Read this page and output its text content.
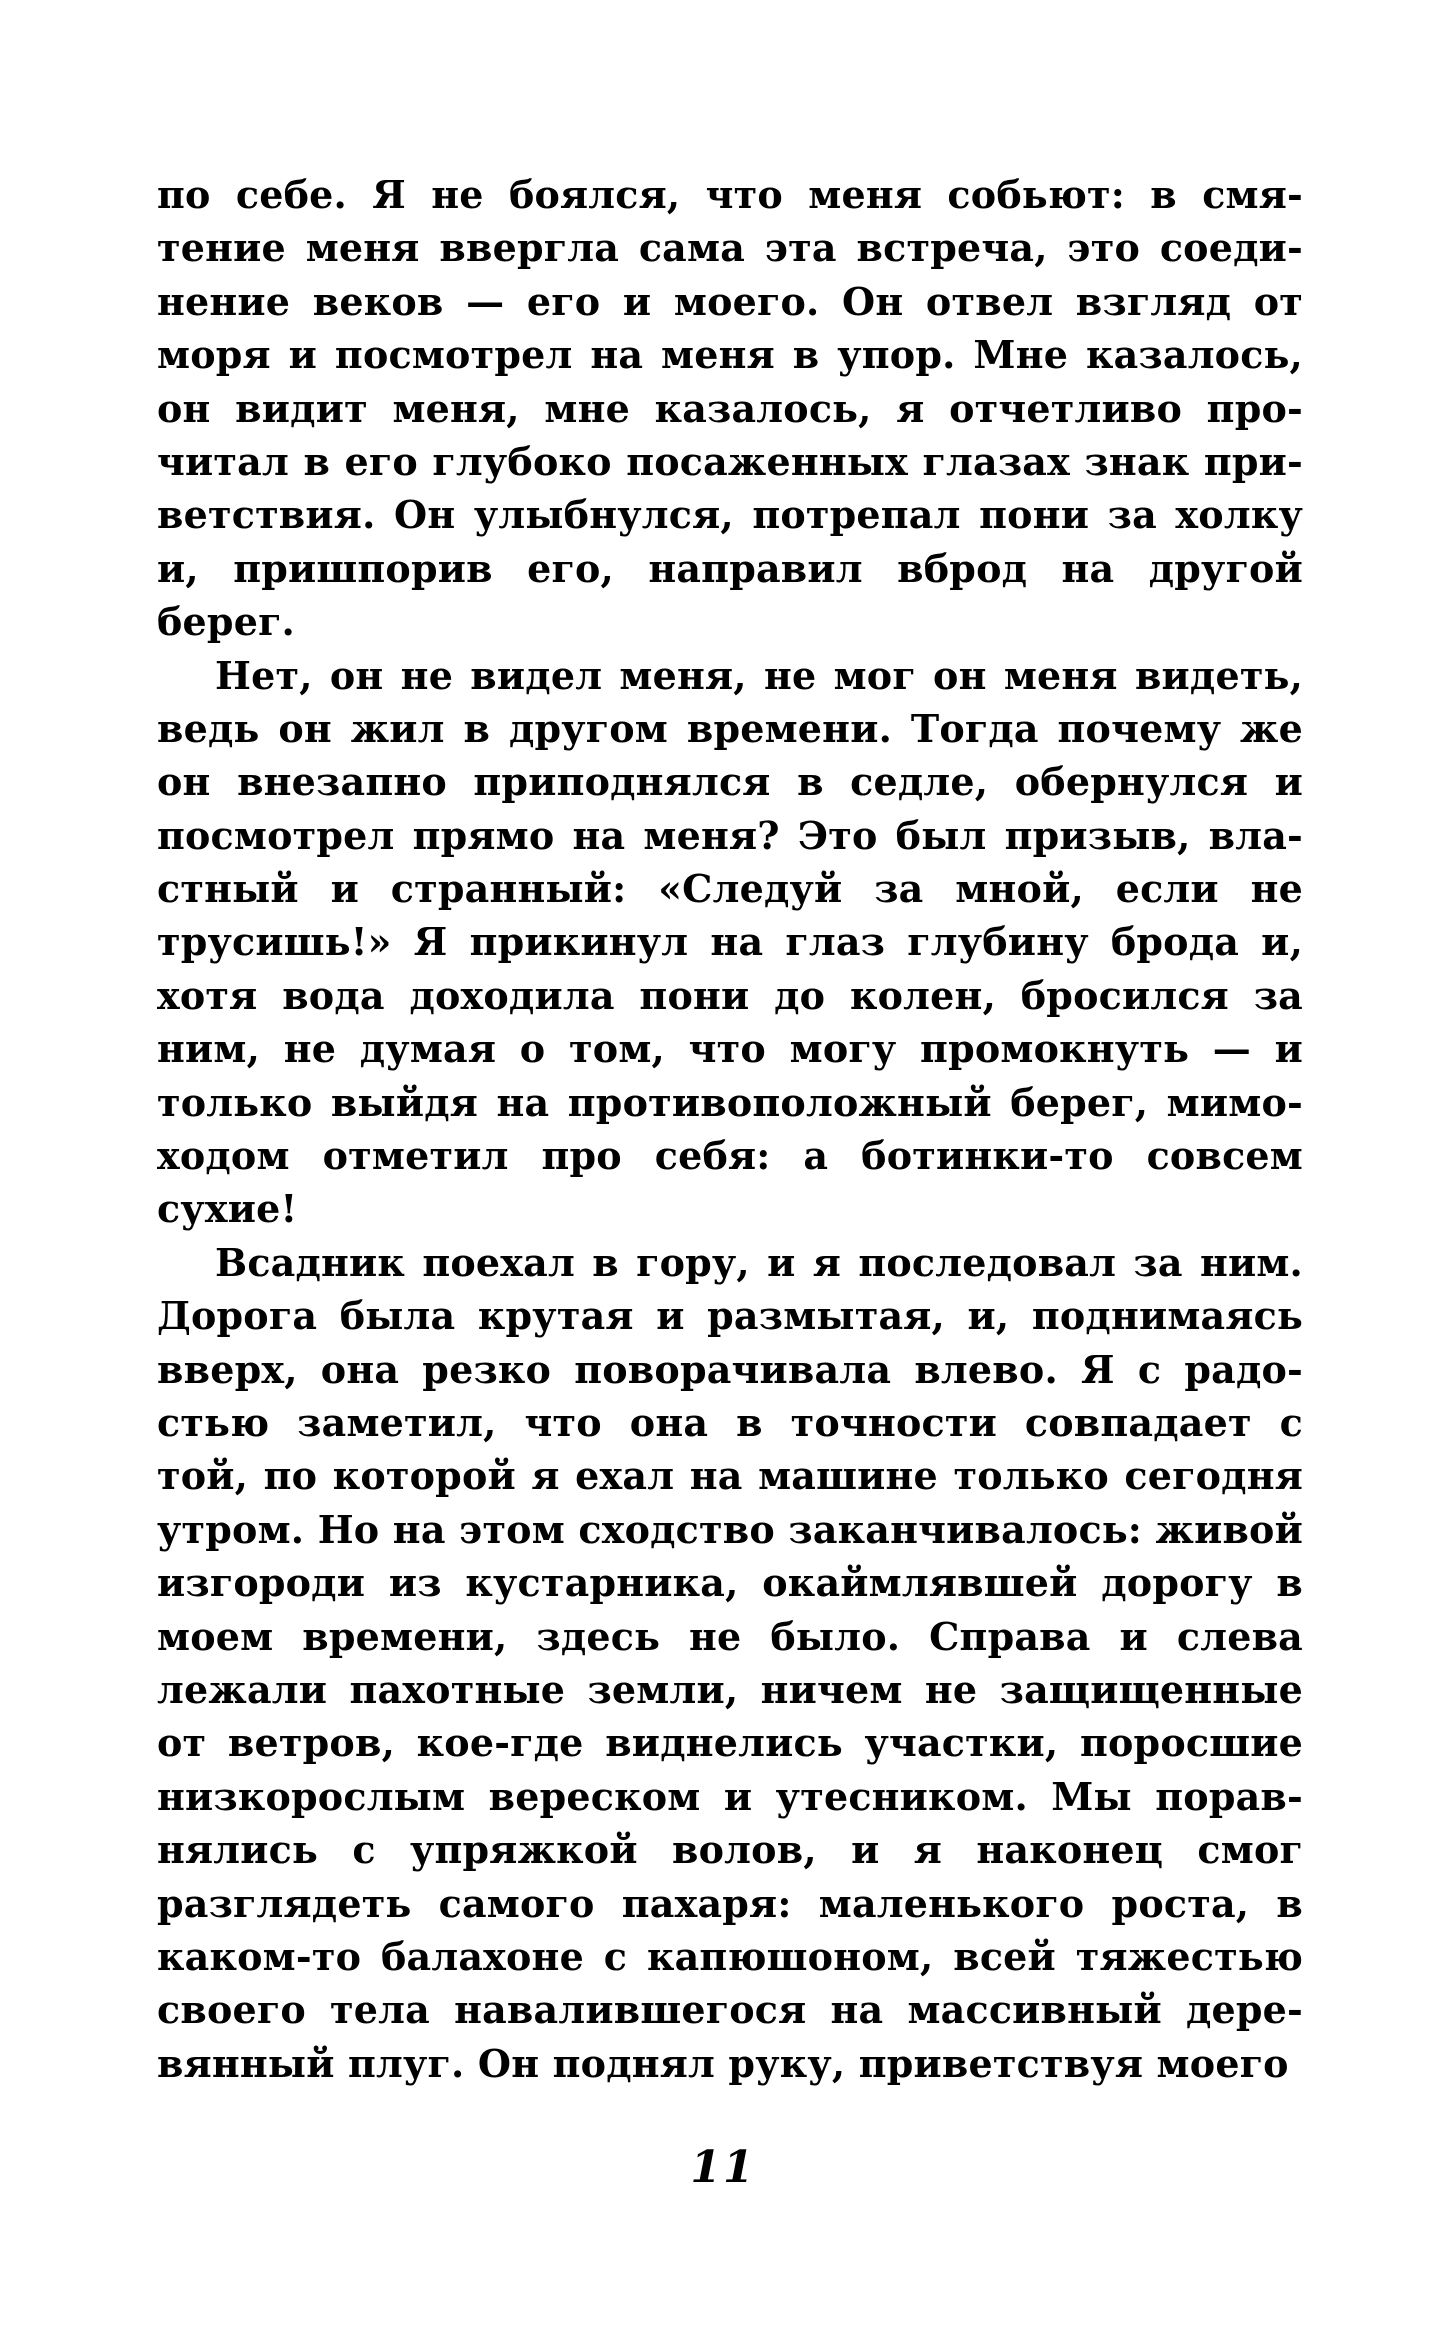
по себе. Я не боялся, что меня собьют: в смя-
тение меня ввергла сама эта встреча, это соеди-
нение веков — его и моего. Он отвел взгляд от
моря и посмотрел на меня в упор. Мне казалось,
он видит меня, мне казалось, я отчетливо про-
читал в его глубоко посаженных глазах знак при-
ветствия. Он улыбнулся, потрепал пони за холку
и, пришпорив его, направил вброд на другой
берег.
Нет, он не видел меня, не мог он меня видеть,
ведь он жил в другом времени. Тогда почему же
он внезапно приподнялся в седле, обернулся и
посмотрел прямо на меня? Это был призыв, вла-
стный и странный: «Следуй за мной, если не
трусишь!» Я прикинул на глаз глубину брода и,
хотя вода доходила пони до колен, бросился за
ним, не думая о том, что могу промокнуть — и
только выйдя на противоположный берег, мимо-
ходом отметил про себя: а ботинки-то совсем
сухие!
Всадник поехал в гору, и я последовал за ним.
Дорога была крутая и размытая, и, поднимаясь
вверх, она резко поворачивала влево. Я с радо-
стью заметил, что она в точности совпадает с
той, по которой я ехал на машине только сегодня
утром. Но на этом сходство заканчивалось: живой
изгороди из кустарника, окаймлявшей дорогу в
моем времени, здесь не было. Справа и слева
лежали пахотные земли, ничем не защищенные
от ветров, кое-где виднелись участки, поросшие
низкорослым вереском и утесником. Мы порав-
нялись с упряжкой волов, и я наконец смог
разглядеть самого пахаря: маленького роста, в
каком-то балахоне с капюшоном, всей тяжестью
своего тела навалившегося на массивный дере-
вянный плуг. Он поднял руку, приветствуя моего
11
